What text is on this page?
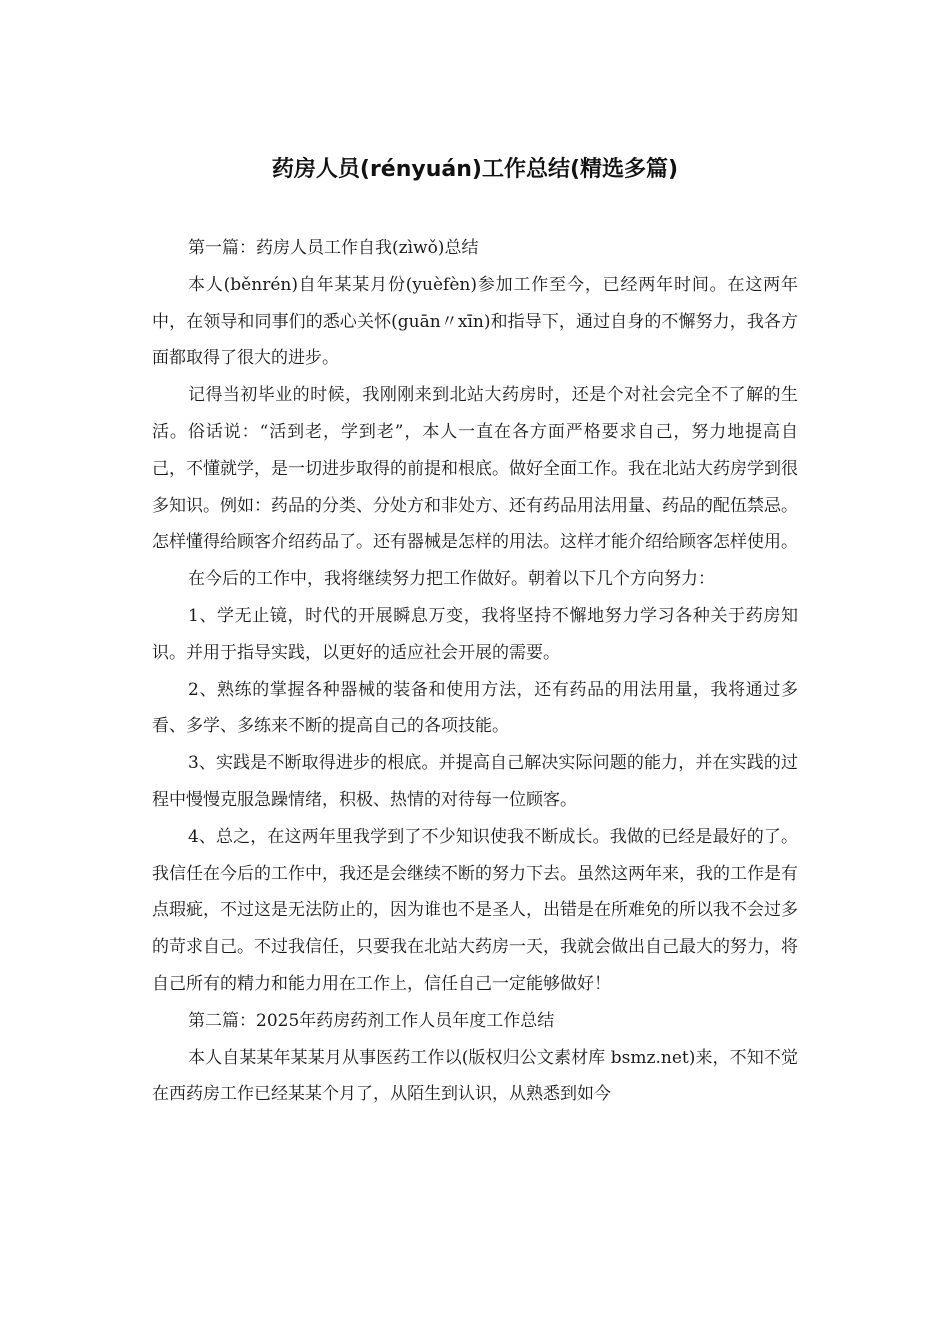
药房人员(rényuán)工作总结(精选多篇)

第一篇：药房人员工作自我(zìwǒ)总结

本人(běnrén)自年某某月份(yuèfèn)参加工作至今，已经两年时间。在这两年中，在领导和同事们的悉心关怀(guān〃xīn)和指导下，通过自身的不懈努力，我各方面都取得了很大的进步。

记得当初毕业的时候，我刚刚来到北站大药房时，还是个对社会完全不了解的生活。俗话说：“活到老，学到老”，本人一直在各方面严格要求自己，努力地提高自己，不懂就学，是一切进步取得的前提和根底。做好全面工作。我在北站大药房学到很多知识。例如：药品的分类、分处方和非处方、还有药品用法用量、药品的配伍禁忌。怎样懂得给顾客介绍药品了。还有器械是怎样的用法。这样才能介绍给顾客怎样使用。

在今后的工作中，我将继续努力把工作做好。朝着以下几个方向努力：

1、学无止镜，时代的开展瞬息万变，我将坚持不懈地努力学习各种关于药房知识。并用于指导实践，以更好的适应社会开展的需要。

2、熟练的掌握各种器械的装备和使用方法，还有药品的用法用量，我将通过多看、多学、多练来不断的提高自己的各项技能。

3、实践是不断取得进步的根底。并提高自己解决实际问题的能力，并在实践的过程中慢慢克服急躁情绪，积极、热情的对待每一位顾客。

4、总之，在这两年里我学到了不少知识使我不断成长。我做的已经是最好的了。我信任在今后的工作中，我还是会继续不断的努力下去。虽然这两年来，我的工作是有点瑕疵，不过这是无法防止的，因为谁也不是圣人，出错是在所难免的所以我不会过多的苛求自己。不过我信任，只要我在北站大药房一天，我就会做出自己最大的努力，将自己所有的精力和能力用在工作上，信任自己一定能够做好！

第二篇：2025年药房药剂工作人员年度工作总结

本人自某某年某某月从事医药工作以(版权归公文素材库 bsmz.net)来，不知不觉在西药房工作已经某某个月了，从陌生到认识，从熟悉到如今
